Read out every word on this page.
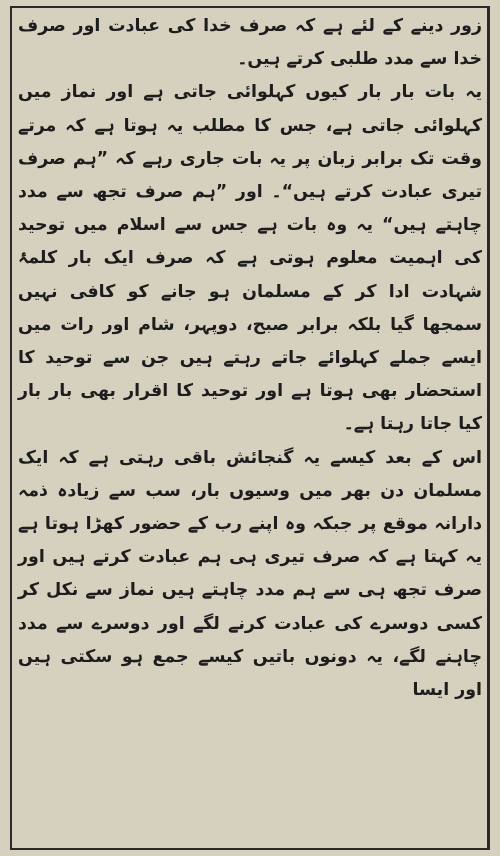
زور دینے کے لئے ہے کہ صرف خدا کی عبادت اور صرف خدا سے مدد طلبی کرتے ہیں۔

یہ بات بار بار کیوں کہلوائی جاتی ہے اور نماز میں کہلوائی جاتی ہے، جس کا مطلب یہ ہوتا ہے کہ مرتے وقت تک برابر زبان پر یہ بات جاری رہے کہ ”ہم صرف تیری عبادت کرتے ہیں“۔ اور ”ہم صرف تجھ سے مدد چاہتے ہیں“ یہ وہ بات ہے جس سے اسلام میں توحید کی اہمیت معلوم ہوتی ہے کہ صرف ایک بار کلمۂ شہادت ادا کر کے مسلمان ہو جانے کو کافی نہیں سمجھا گیا بلکہ برابر صبح، دوپہر، شام اور رات میں ایسے جملے کہلوائے جاتے رہتے ہیں جن سے توحید کا استحضار بھی ہوتا ہے اور توحید کا اقرار بھی بار بار کیا جاتا رہتا ہے۔

اس کے بعد کیسے یہ گنجائش باقی رہتی ہے کہ ایک مسلمان دن بھر میں وسیوں بار، سب سے زیادہ ذمہ دارانہ موقع پر جبکہ وہ اپنے رب کے حضور کھڑا ہوتا ہے یہ کہتا ہے کہ صرف تیری ہی ہم عبادت کرتے ہیں اور صرف تجھ ہی سے ہم مدد چاہتے ہیں نماز سے نکل کر کسی دوسرے کی عبادت کرنے لگے اور دوسرے سے مدد چاہنے لگے، یہ دونوں باتیں کیسے جمع ہو سکتی ہیں اور ایسا
